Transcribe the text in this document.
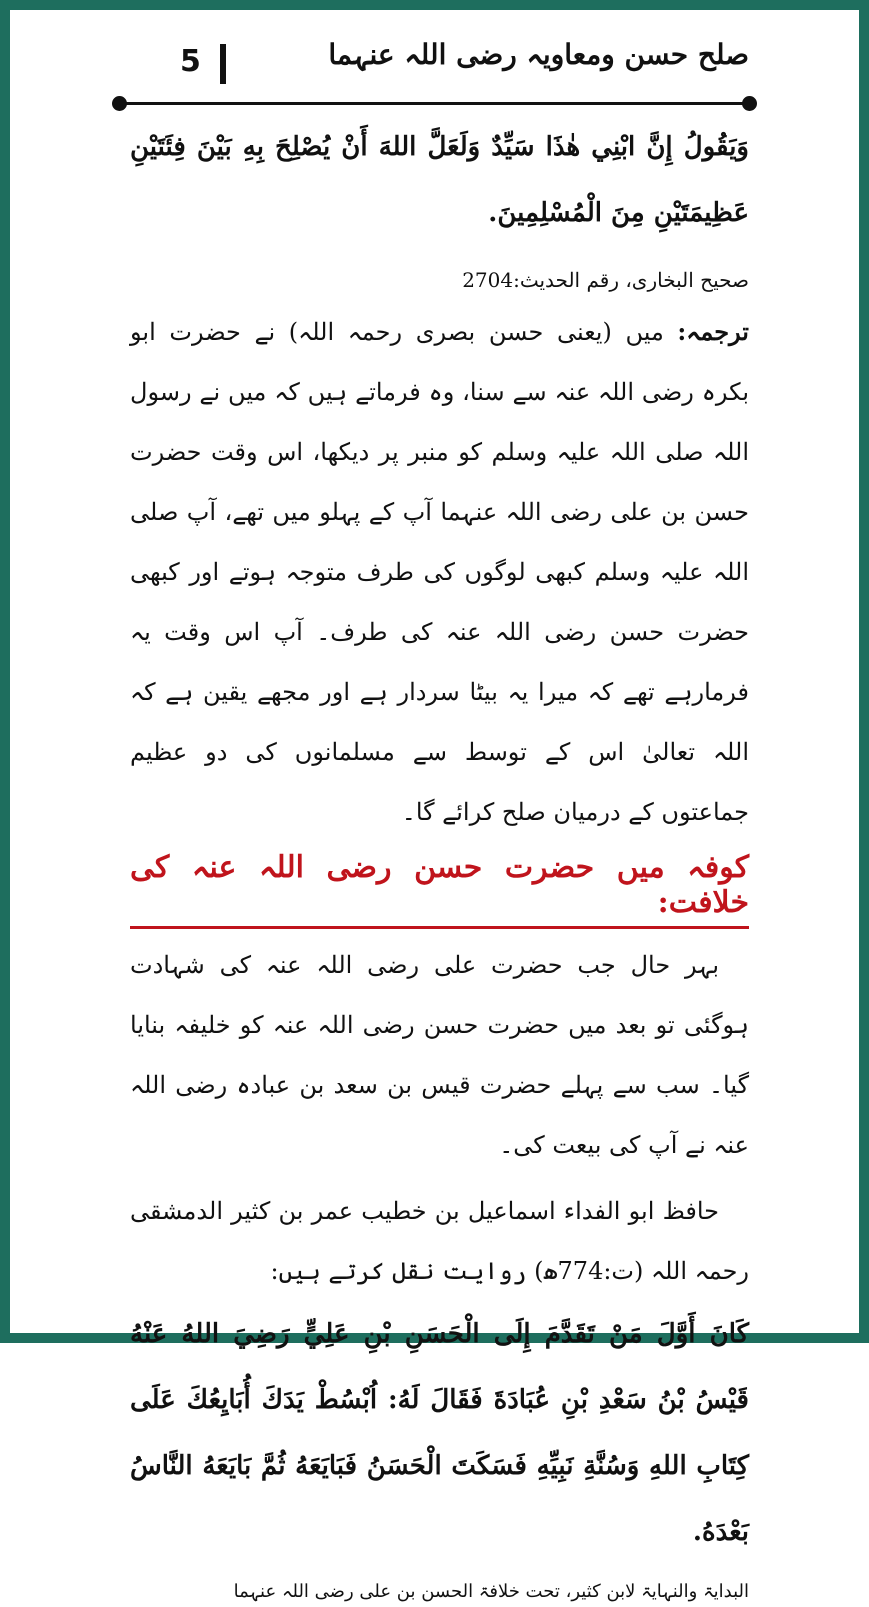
5	صلح حسن ومعاویہ رضی اللہ عنہما
وَيَقُولُ إِنَّ ابْنِي هٰذَا سَيِّدٌ وَلَعَلَّ اللهَ أَنْ يُصْلِحَ بِهِ بَيْنَ فِئَتَيْنِ عَظِيمَتَيْنِ مِنَ الْمُسْلِمِينَ.
صحیح البخاری، رقم الحدیث:2704
ترجمہ: میں (یعنی حسن بصری رحمہ اللہ) نے حضرت ابو بکرہ رضی اللہ عنہ سے سنا، وہ فرماتے ہیں کہ میں نے رسول اللہ صلی اللہ علیہ وسلم کو منبر پر دیکھا، اس وقت حضرت حسن بن علی رضی اللہ عنہما آپ کے پہلو میں تھے، آپ صلی اللہ علیہ وسلم کبھی لوگوں کی طرف متوجہ ہوتے اور کبھی حضرت حسن رضی اللہ عنہ کی طرف۔ آپ اس وقت یہ فرمارہے تھے کہ میرا یہ بیٹا سردار ہے اور مجھے یقین ہے کہ اللہ تعالیٰ اس کے توسط سے مسلمانوں کی دو عظیم جماعتوں کے درمیان صلح کرائے گا۔
کوفہ میں حضرت حسن رضی اللہ عنہ کی خلافت:
بہر حال جب حضرت علی رضی اللہ عنہ کی شہادت ہوگئی تو بعد میں حضرت حسن رضی اللہ عنہ کو خلیفہ بنایا گیا۔ سب سے پہلے حضرت قیس بن سعد بن عبادہ رضی اللہ عنہ نے آپ کی بیعت کی۔
حافظ ابو الفداء اسماعیل بن خطیب عمر بن کثیر الدمشقی رحمہ اللہ (ت:774ھ) روایت نقل کرتے ہیں:
كَانَ أَوَّلَ مَنْ تَقَدَّمَ إِلَى الْحَسَنِ بْنِ عَلِيٍّ رَضِيَ اللهُ عَنْهُ قَيْسُ بْنُ سَعْدِ بْنِ عُبَادَةَ فَقَالَ لَهُ: اُبْسُطْ يَدَكَ أُبَايِعُكَ عَلَى كِتَابِ اللهِ وَسُنَّةِ نَبِيِّهِ فَسَكَتَ الْحَسَنُ فَبَايَعَهُ ثُمَّ بَايَعَهُ النَّاسُ بَعْدَهُ.
البدایۃ والنہایۃ لابن کثیر، تحت خلافۃ الحسن بن علی رضی اللہ عنہما
